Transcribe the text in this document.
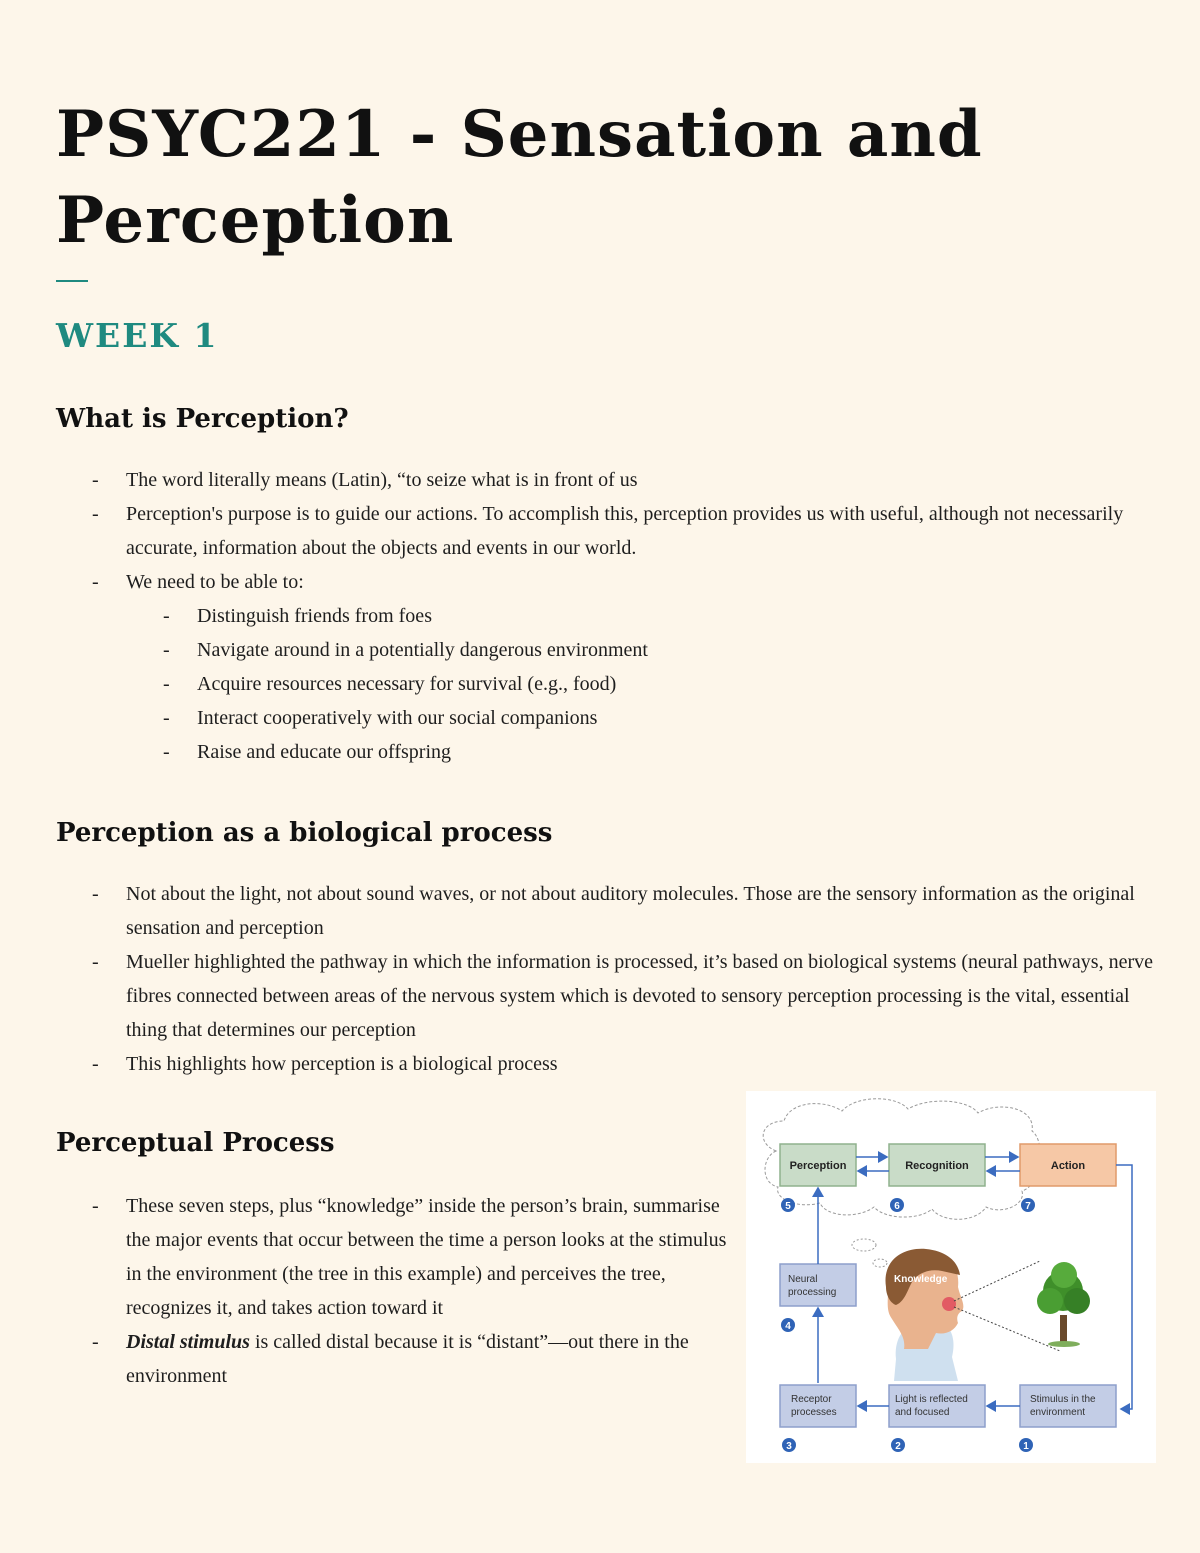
PSYC221 - Sensation and Perception
WEEK 1
What is Perception?
- The word literally means (Latin), “to seize what is in front of us
- Perception's purpose is to guide our actions. To accomplish this, perception provides us with useful, although not necessarily accurate, information about the objects and events in our world.
- We need to be able to:
- Distinguish friends from foes
- Navigate around in a potentially dangerous environment
- Acquire resources necessary for survival (e.g., food)
- Interact cooperatively with our social companions
- Raise and educate our offspring
Perception as a biological process
- Not about the light, not about sound waves, or not about auditory molecules. Those are the sensory information as the original sensation and perception
- Mueller highlighted the pathway in which the information is processed, it’s based on biological systems (neural pathways, nerve fibres connected between areas of the nervous system which is devoted to sensory perception processing is the vital, essential thing that determines our perception
- This highlights how perception is a biological process
Perceptual Process
- These seven steps, plus “knowledge” inside the person’s brain, summarise the major events that occur between the time a person looks at the stimulus in the environment (the tree in this example) and perceives the tree, recognizes it, and takes action toward it
- Distal stimulus is called distal because it is “distant”—out there in the environment
Perception	Recognition	Action
Neural
processing
Receptor
processes
Light is reflected
and focused
Stimulus in the
environment
Knowledge
5	6	7
4
3	2	1
